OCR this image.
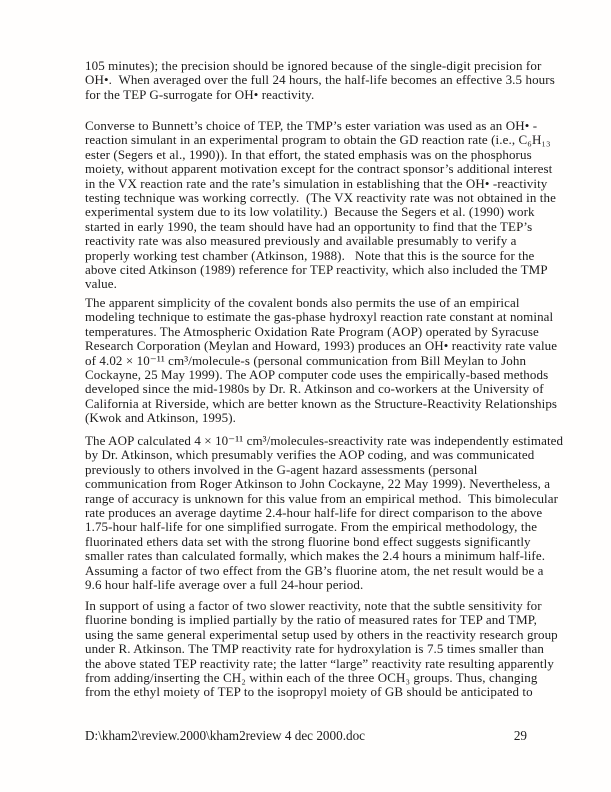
105 minutes); the precision should be ignored because of the single-digit precision for
OH•.  When averaged over the full 24 hours, the half-life becomes an effective 3.5 hours
for the TEP G-surrogate for OH• reactivity.
Converse to Bunnett’s choice of TEP, the TMP’s ester variation was used as an OH• -
reaction simulant in an experimental program to obtain the GD reaction rate (i.e., C₆H₁₃
ester (Segers et al., 1990)). In that effort, the stated emphasis was on the phosphorus
moiety, without apparent motivation except for the contract sponsor’s additional interest
in the VX reaction rate and the rate’s simulation in establishing that the OH• -reactivity
testing technique was working correctly.  (The VX reactivity rate was not obtained in the
experimental system due to its low volatility.)  Because the Segers et al. (1990) work
started in early 1990, the team should have had an opportunity to find that the TEP’s
reactivity rate was also measured previously and available presumably to verify a
properly working test chamber (Atkinson, 1988).   Note that this is the source for the
above cited Atkinson (1989) reference for TEP reactivity, which also included the TMP
value.
The apparent simplicity of the covalent bonds also permits the use of an empirical
modeling technique to estimate the gas-phase hydroxyl reaction rate constant at nominal
temperatures. The Atmospheric Oxidation Rate Program (AOP) operated by Syracuse
Research Corporation (Meylan and Howard, 1993) produces an OH• reactivity rate value
of 4.02 × 10⁻¹¹ cm³/molecule-s (personal communication from Bill Meylan to John
Cockayne, 25 May 1999). The AOP computer code uses the empirically-based methods
developed since the mid-1980s by Dr. R. Atkinson and co-workers at the University of
California at Riverside, which are better known as the Structure-Reactivity Relationships
(Kwok and Atkinson, 1995).
The AOP calculated 4 × 10⁻¹¹ cm³/molecules-sreactivity rate was independently estimated
by Dr. Atkinson, which presumably verifies the AOP coding, and was communicated
previously to others involved in the G-agent hazard assessments (personal
communication from Roger Atkinson to John Cockayne, 22 May 1999). Nevertheless, a
range of accuracy is unknown for this value from an empirical method.  This bimolecular
rate produces an average daytime 2.4-hour half-life for direct comparison to the above
1.75-hour half-life for one simplified surrogate. From the empirical methodology, the
fluorinated ethers data set with the strong fluorine bond effect suggests significantly
smaller rates than calculated formally, which makes the 2.4 hours a minimum half-life.
Assuming a factor of two effect from the GB’s fluorine atom, the net result would be a
9.6 hour half-life average over a full 24-hour period.
In support of using a factor of two slower reactivity, note that the subtle sensitivity for
fluorine bonding is implied partially by the ratio of measured rates for TEP and TMP,
using the same general experimental setup used by others in the reactivity research group
under R. Atkinson. The TMP reactivity rate for hydroxylation is 7.5 times smaller than
the above stated TEP reactivity rate; the latter “large” reactivity rate resulting apparently
from adding/inserting the CH₂ within each of the three OCH₃ groups. Thus, changing
from the ethyl moiety of TEP to the isopropyl moiety of GB should be anticipated to
D:\kham2\review.2000\kham2review 4 dec 2000.doc	29
